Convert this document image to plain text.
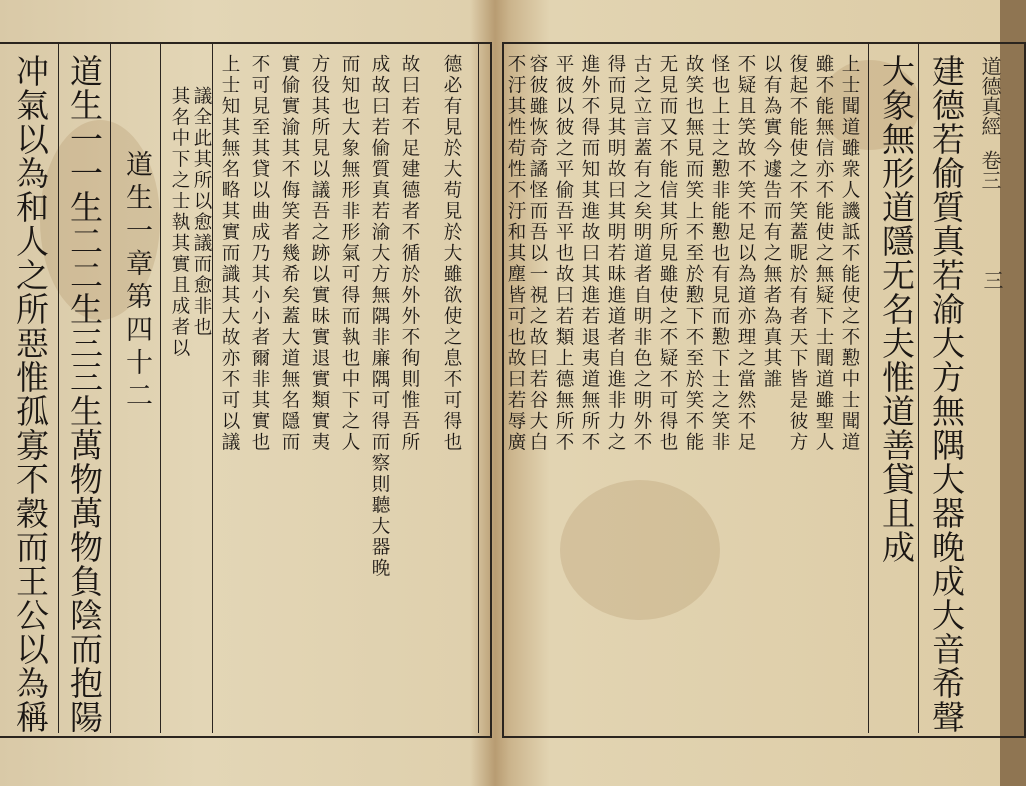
冲氣以為和人之所惡惟孤寡不穀而王公以為稱 道生一一生二二生三三生萬物萬物負陰而抱陽 道生一章第四十二 其名中下之士執其實且成者以 議全此其所以愈議而愈非也 上士知其無名略其實而識其大故亦不可以議 不可見至其貸以曲成乃其小小者爾非其實也 實偷實渝其不侮笑者幾希矣蓋大道無名隱而 方役其所見以議吾之跡以實昧實退實類實夷 而知也大象無形非形氣可得而執也中下之人 成故曰若偷質真若渝大方無隅非廉隅可得而察則聽大器晚 故曰若不足建德者不循於外外不徇則惟吾所 德必有見於大苟見於大雖欲使之息不可得也	建德若偷質真若渝大方無隅大器晚成大音希聲
大象無形道隱无名夫惟道善貸且成
上士聞道雖衆人譏詆不能使之不懃中士聞道
雖不能無信亦不能使之無疑下士聞道雖聖人
復起不能使之不笑蓋昵於有者天下皆是彼方
以有為實今遽告而有之無者為真其誰
不疑且笑故不笑不足以為道亦理之當然不足
怪也上士之懃非能懃也有見而懃下士之笑非
故笑也無見而笑上不至於懃下不至於笑不能
无見而又不能信其所見雖使之不疑不可得也
古之立言蓋有之矣明道者自明非色之明外不
得而見其明故曰其明若昧進道者自進非力之
進外不得而知其進故曰其進若退夷道無所不
平彼以彼之平偷吾平也故曰若類上德無所不
容彼雖恢奇譎怪而吾以一視之故曰若谷大白
不汙其性苟性不汙和其塵皆可也故曰若辱廣	道德真經
卷三
三
